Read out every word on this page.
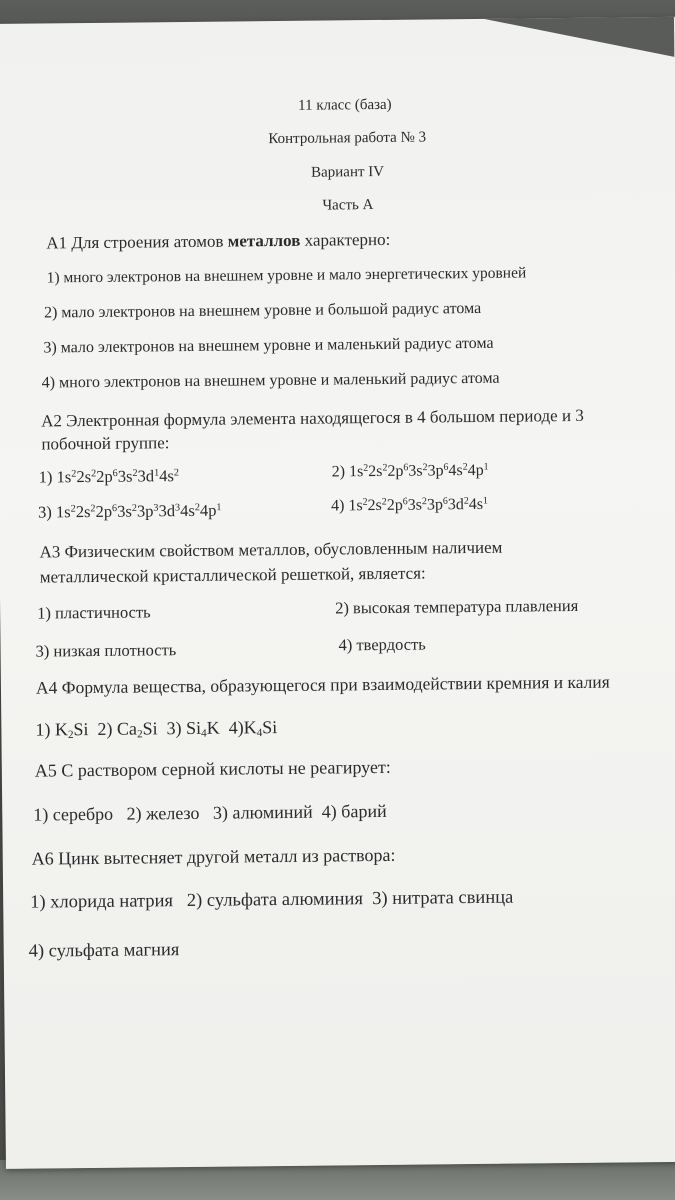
11 класс (база)
Контрольная работа № 3
Вариант IV
Часть А
А1 Для строения атомов металлов характерно:
1) много электронов на внешнем уровне и мало энергетических уровней
2) мало электронов на внешнем уровне и большой радиус атома
3) мало электронов на внешнем уровне и маленький радиус атома
4) много электронов на внешнем уровне и маленький радиус атома
А2 Электронная формула элемента находящегося в 4 большом периоде и 3
побочной группе:
1) $1s^22s^22p^63s^23d^14s^2$	2) $1s^22s^22p^63s^23p^64s^24p^1$
3) $1s^22s^22p^63s^23p^33d^34s^24p^1$	4) $1s^22s^22p^63s^23p^63d^24s^1$
А3 Физическим свойством металлов, обусловленным наличием
металлической кристаллической решеткой, является:
1) пластичность	2) высокая температура плавления
3) низкая плотность	4) твердость
А4 Формула вещества, образующегося при взаимодействии кремния и калия
1) $K_2Si$  2) $Ca_2Si$  3) $Si_4K$  $4)K_4Si$
А5 С раствором серной кислоты не реагирует:
1) серебро   2) железо   3) алюминий  4) барий
А6 Цинк вытесняет другой металл из раствора:
1) хлорида натрия   2) сульфата алюминия  3) нитрата свинца
4) сульфата магния
